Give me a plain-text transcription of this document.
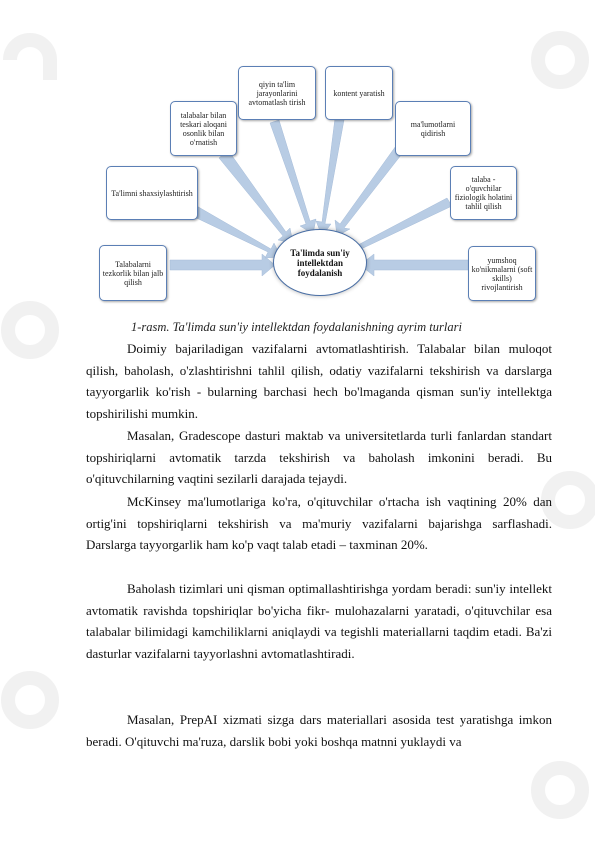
Talabalarni tezkorlik bilan jalb qilish
Ta'limni shaxsiylashtirish
talabalar bilan teskari aloqani osonlik bilan o'rnatish
qiyin ta'lim jarayonlarini avtomatlash tirish
kontent yaratish
ma'lumotlarni qidirish
talaba - o'quvchilar fiziologik holatini tahlil qilish
yumshoq ko'nikmalarni (soft skills) rivojlantirish
Ta'limda sun'iy intellektdan foydalanish
1-rasm. Ta'limda sun'iy intellektdan foydalanishning ayrim turlari

Doimiy bajariladigan vazifalarni avtomatlashtirish. Talabalar bilan muloqot qilish, baholash, o'zlashtirishni tahlil qilish, odatiy vazifalarni tekshirish va darslarga tayyorgarlik ko'rish - bularning barchasi hech bo'lmaganda qisman sun'iy intellektga topshirilishi mumkin.

Masalan, Gradescope dasturi maktab va universitetlarda turli fanlardan standart topshiriqlarni avtomatik tarzda tekshirish va baholash imkonini beradi. Bu o'qituvchilarning vaqtini sezilarli darajada tejaydi.

McKinsey ma'lumotlariga ko'ra, o'qituvchilar o'rtacha ish vaqtining 20% dan ortig'ini topshiriqlarni tekshirish va ma'muriy vazifalarni bajarishga sarflashadi. Darslarga tayyorgarlik ham ko'p vaqt talab etadi – taxminan 20%.

Baholash tizimlari uni qisman optimallashtirishga yordam beradi: sun'iy intellekt avtomatik ravishda topshiriqlar bo'yicha fikr- mulohazalarni yaratadi, o'qituvchilar esa talabalar bilimidagi kamchiliklarni aniqlaydi va tegishli materiallarni taqdim etadi. Ba'zi dasturlar vazifalarni tayyorlashni avtomatlashtiradi.

Masalan, PrepAI xizmati sizga dars materiallari asosida test yaratishga imkon beradi. O'qituvchi ma'ruza, darslik bobi yoki boshqa matnni yuklaydi va
